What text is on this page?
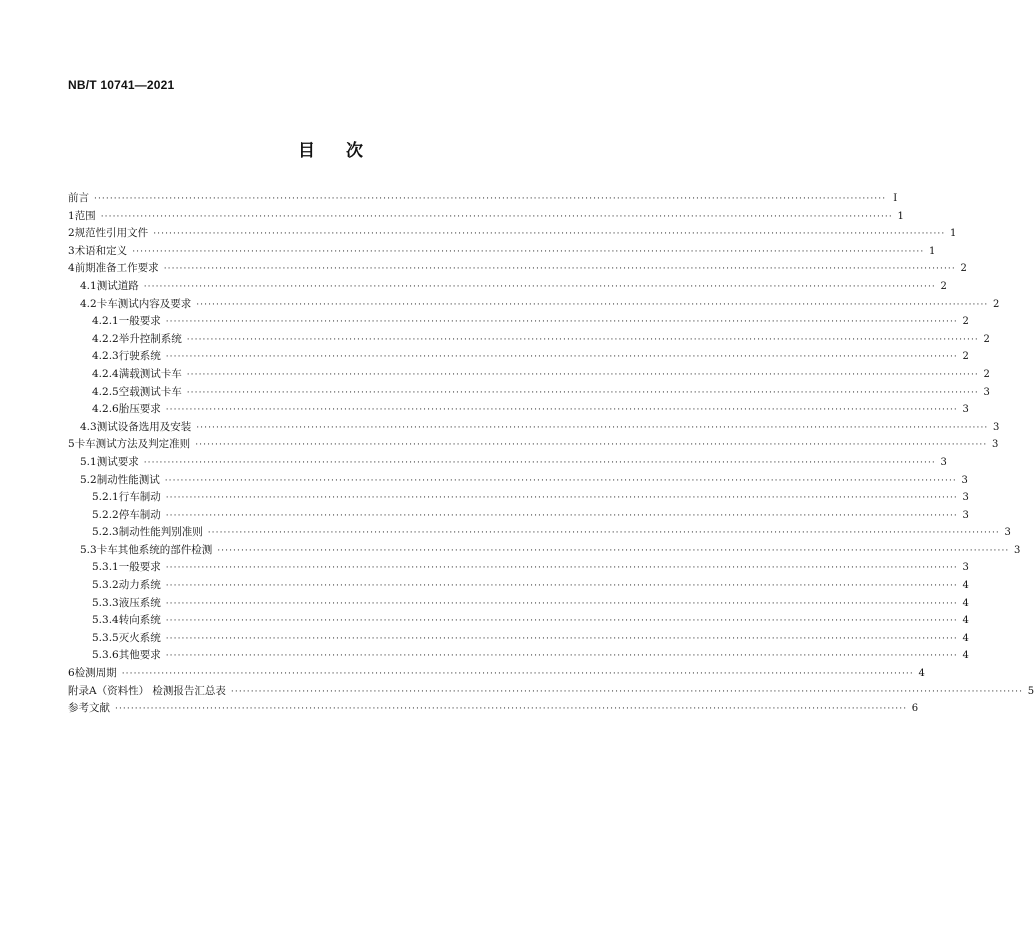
NB/T 10741—2021
目 次
前言 ········································································································································································································ I
1 范围 ········································································································································································································ 1
2 规范性引用文件 ········································································································································································································ 1
3 术语和定义 ········································································································································································································ 1
4 前期准备工作要求 ········································································································································································································ 2
4.1 测试道路 ········································································································································································································ 2
4.2 卡车测试内容及要求 ········································································································································································································ 2
4.2.1 一般要求 ········································································································································································································ 2
4.2.2 举升控制系统 ········································································································································································································ 2
4.2.3 行驶系统 ········································································································································································································ 2
4.2.4 满载测试卡车 ········································································································································································································ 2
4.2.5 空载测试卡车 ········································································································································································································ 3
4.2.6 胎压要求 ········································································································································································································ 3
4.3 测试设备选用及安装 ········································································································································································································ 3
5 卡车测试方法及判定准则 ········································································································································································································ 3
5.1 测试要求 ········································································································································································································ 3
5.2 制动性能测试 ········································································································································································································ 3
5.2.1 行车制动 ········································································································································································································ 3
5.2.2 停车制动 ········································································································································································································ 3
5.2.3 制动性能判别准则 ········································································································································································································ 3
5.3 卡车其他系统的部件检测 ········································································································································································································ 3
5.3.1 一般要求 ········································································································································································································ 3
5.3.2 动力系统 ········································································································································································································ 4
5.3.3 液压系统 ········································································································································································································ 4
5.3.4 转向系统 ········································································································································································································ 4
5.3.5 灭火系统 ········································································································································································································ 4
5.3.6 其他要求 ········································································································································································································ 4
6 检测周期 ········································································································································································································ 4
附录A（资料性） 检测报告汇总表 ········································································································································································································ 5
参考文献 ········································································································································································································ 6
